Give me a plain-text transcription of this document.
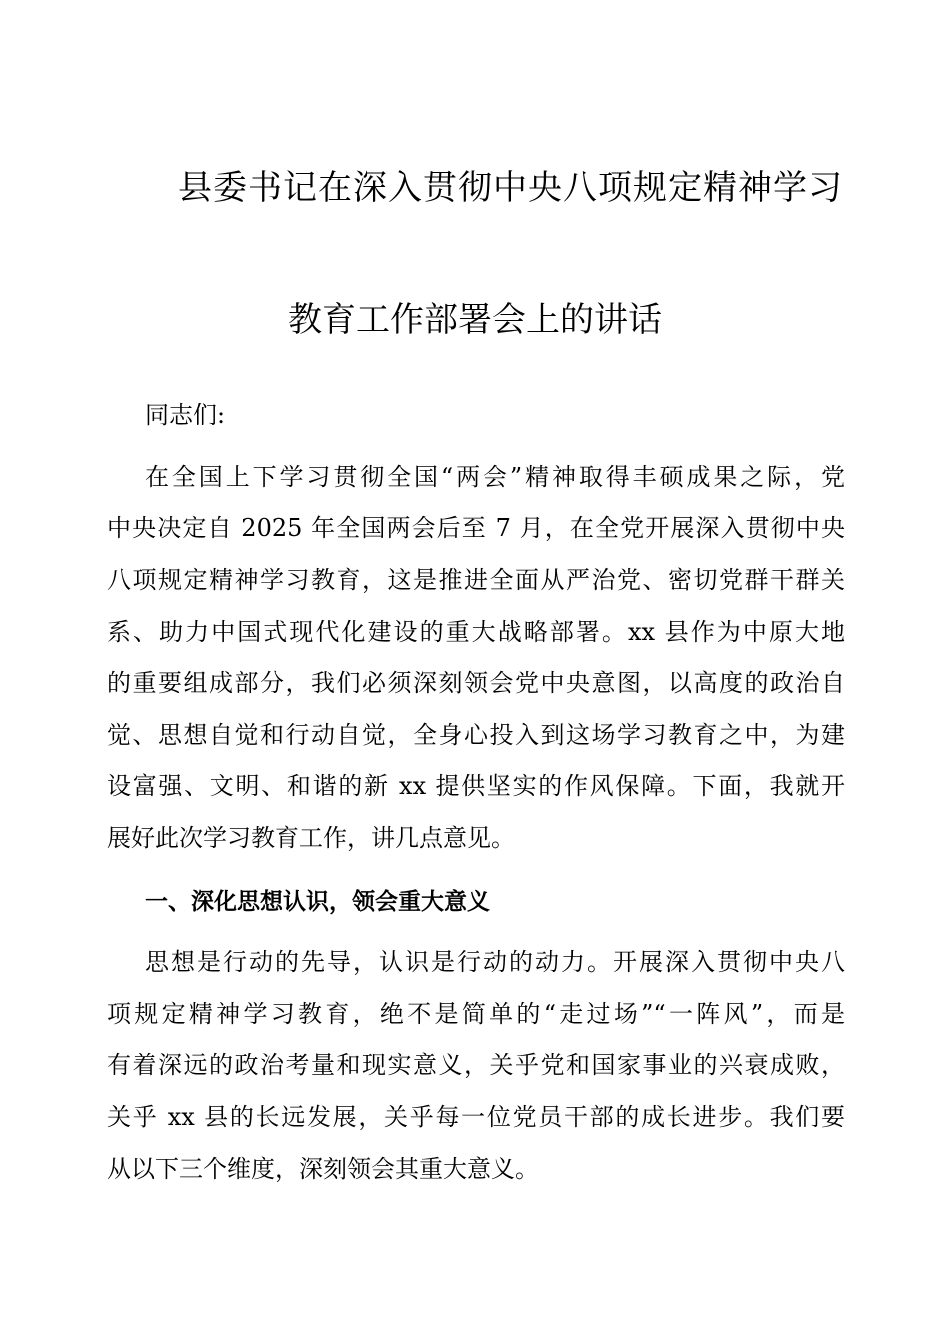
县委书记在深入贯彻中央八项规定精神学习
教育工作部署会上的讲话
同志们:
在全国上下学习贯彻全国“两会”精神取得丰硕成果之际，党
中央决定自 2025 年全国两会后至 7 月，在全党开展深入贯彻中央
八项规定精神学习教育，这是推进全面从严治党、密切党群干群关
系、助力中国式现代化建设的重大战略部署。xx 县作为中原大地
的重要组成部分，我们必须深刻领会党中央意图，以高度的政治自
觉、思想自觉和行动自觉，全身心投入到这场学习教育之中，为建
设富强、文明、和谐的新 xx 提供坚实的作风保障。下面，我就开
展好此次学习教育工作，讲几点意见。
一、深化思想认识，领会重大意义
思想是行动的先导，认识是行动的动力。开展深入贯彻中央八
项规定精神学习教育，绝不是简单的“走过场”“一阵风”，而是
有着深远的政治考量和现实意义，关乎党和国家事业的兴衰成败，
关乎 xx 县的长远发展，关乎每一位党员干部的成长进步。我们要
从以下三个维度，深刻领会其重大意义。
